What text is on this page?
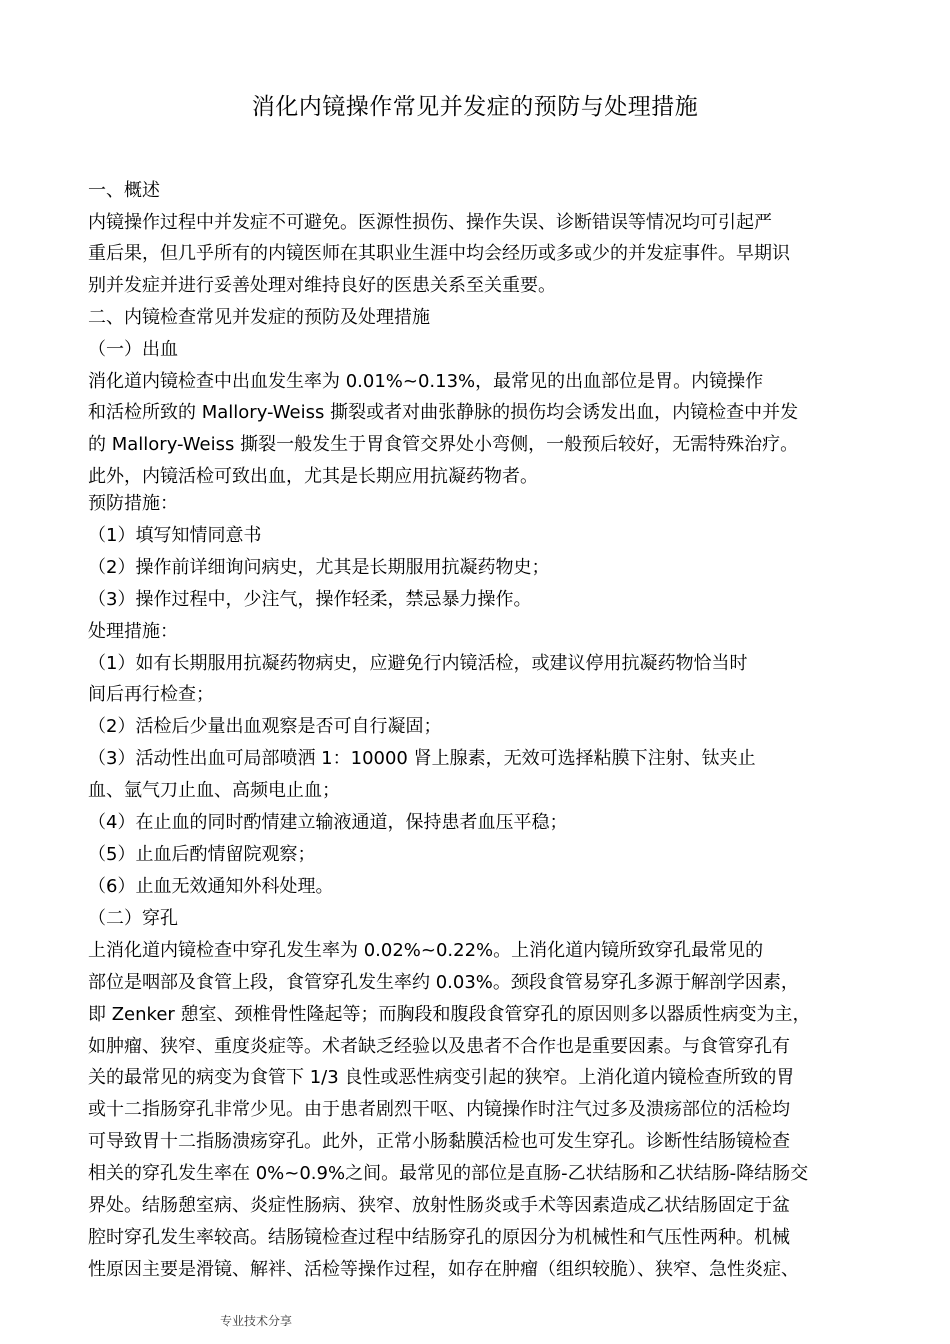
消化内镜操作常见并发症的预防与处理措施
一、概述
内镜操作过程中并发症不可避免。医源性损伤、操作失误、诊断错误等情况均可引起严
重后果，但几乎所有的内镜医师在其职业生涯中均会经历或多或少的并发症事件。早期识
别并发症并进行妥善处理对维持良好的医患关系至关重要。
二、内镜检查常见并发症的预防及处理措施
（一）出血
消化道内镜检查中出血发生率为 0.01%~0.13%，最常见的出血部位是胃。内镜操作
和活检所致的 Mallory-Weiss 撕裂或者对曲张静脉的损伤均会诱发出血，内镜检查中并发
的 Mallory-Weiss 撕裂一般发生于胃食管交界处小弯侧，一般预后较好，无需特殊治疗。
此外，内镜活检可致出血，尤其是长期应用抗凝药物者。
预防措施：
（1）填写知情同意书
（2）操作前详细询问病史，尤其是长期服用抗凝药物史；
（3）操作过程中，少注气，操作轻柔，禁忌暴力操作。
处理措施：
（1）如有长期服用抗凝药物病史，应避免行内镜活检，或建议停用抗凝药物恰当时
间后再行检查；
（2）活检后少量出血观察是否可自行凝固；
（3）活动性出血可局部喷洒 1：10000 肾上腺素，无效可选择粘膜下注射、钛夹止
血、氩气刀止血、高频电止血；
（4）在止血的同时酌情建立输液通道，保持患者血压平稳；
（5）止血后酌情留院观察；
（6）止血无效通知外科处理。
（二）穿孔
上消化道内镜检查中穿孔发生率为 0.02%~0.22%。上消化道内镜所致穿孔最常见的
部位是咽部及食管上段，食管穿孔发生率约 0.03%。颈段食管易穿孔多源于解剖学因素，
即 Zenker 憩室、颈椎骨性隆起等；而胸段和腹段食管穿孔的原因则多以器质性病变为主，
如肿瘤、狭窄、重度炎症等。术者缺乏经验以及患者不合作也是重要因素。与食管穿孔有
关的最常见的病变为食管下 1/3 良性或恶性病变引起的狭窄。上消化道内镜检查所致的胃
或十二指肠穿孔非常少见。由于患者剧烈干呕、内镜操作时注气过多及溃疡部位的活检均
可导致胃十二指肠溃疡穿孔。此外，正常小肠黏膜活检也可发生穿孔。诊断性结肠镜检查
相关的穿孔发生率在 0%~0.9%之间。最常见的部位是直肠-乙状结肠和乙状结肠-降结肠交
界处。结肠憩室病、炎症性肠病、狭窄、放射性肠炎或手术等因素造成乙状结肠固定于盆
腔时穿孔发生率较高。结肠镜检查过程中结肠穿孔的原因分为机械性和气压性两种。机械
性原因主要是滑镜、解袢、活检等操作过程，如存在肿瘤（组织较脆）、狭窄、急性炎症、
专业技术分享
